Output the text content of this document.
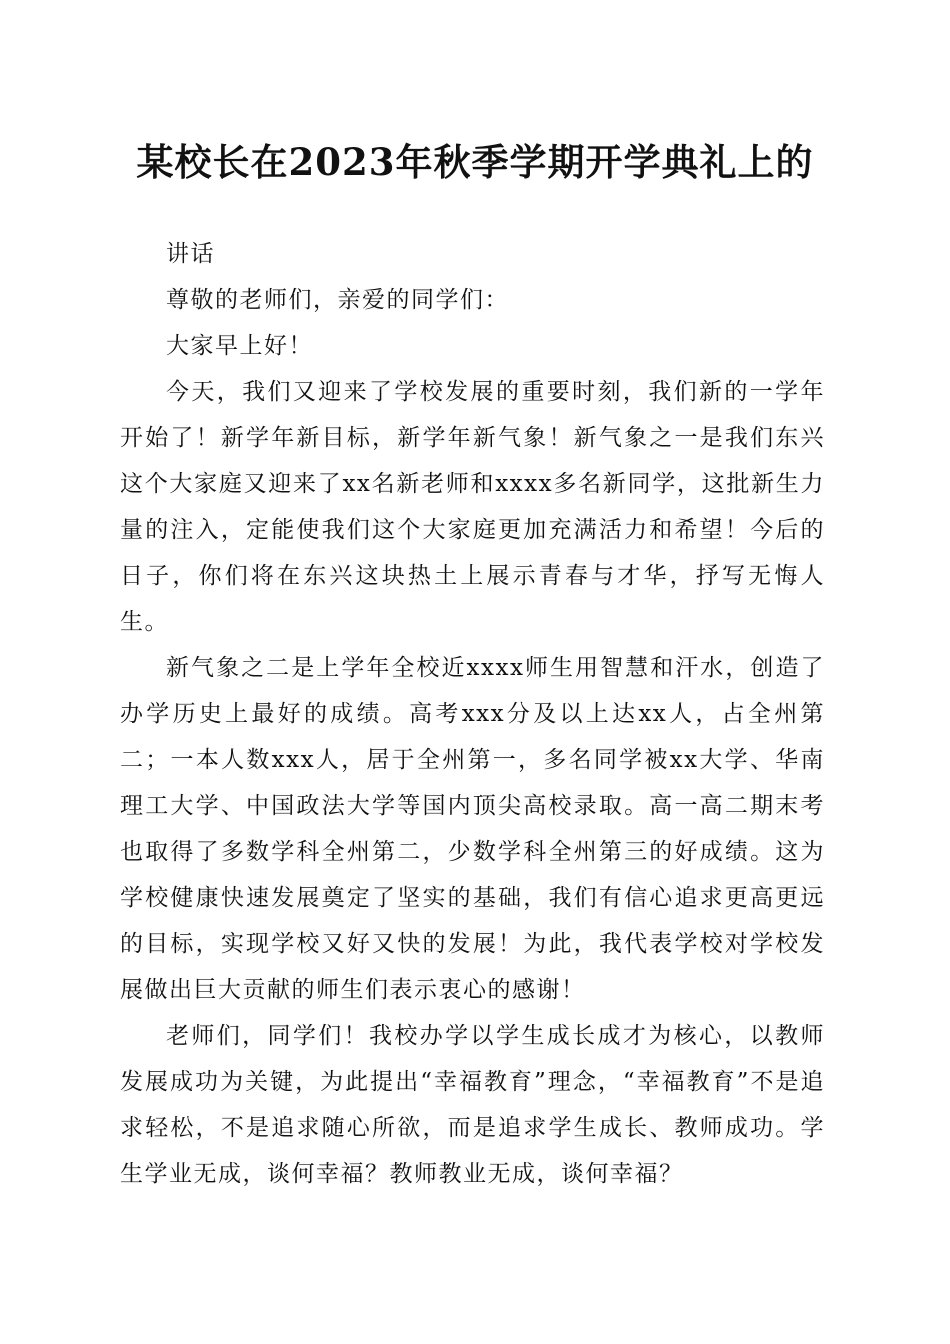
某校长在2023年秋季学期开学典礼上的

讲话

尊敬的老师们，亲爱的同学们：

大家早上好！

今天，我们又迎来了学校发展的重要时刻，我们新的一学年开始了！新学年新目标，新学年新气象！新气象之一是我们东兴这个大家庭又迎来了xx名新老师和xxxx多名新同学，这批新生力量的注入，定能使我们这个大家庭更加充满活力和希望！今后的日子，你们将在东兴这块热土上展示青春与才华，抒写无悔人生。

新气象之二是上学年全校近xxxx师生用智慧和汗水，创造了办学历史上最好的成绩。高考xxx分及以上达xx人，占全州第二；一本人数xxx人，居于全州第一，多名同学被xx大学、华南理工大学、中国政法大学等国内顶尖高校录取。高一高二期末考也取得了多数学科全州第二，少数学科全州第三的好成绩。这为学校健康快速发展奠定了坚实的基础，我们有信心追求更高更远的目标，实现学校又好又快的发展！为此，我代表学校对学校发展做出巨大贡献的师生们表示衷心的感谢！

老师们，同学们！我校办学以学生成长成才为核心，以教师发展成功为关键，为此提出“幸福教育”理念，“幸福教育”不是追求轻松，不是追求随心所欲，而是追求学生成长、教师成功。学生学业无成，谈何幸福？教师教业无成，谈何幸福？
